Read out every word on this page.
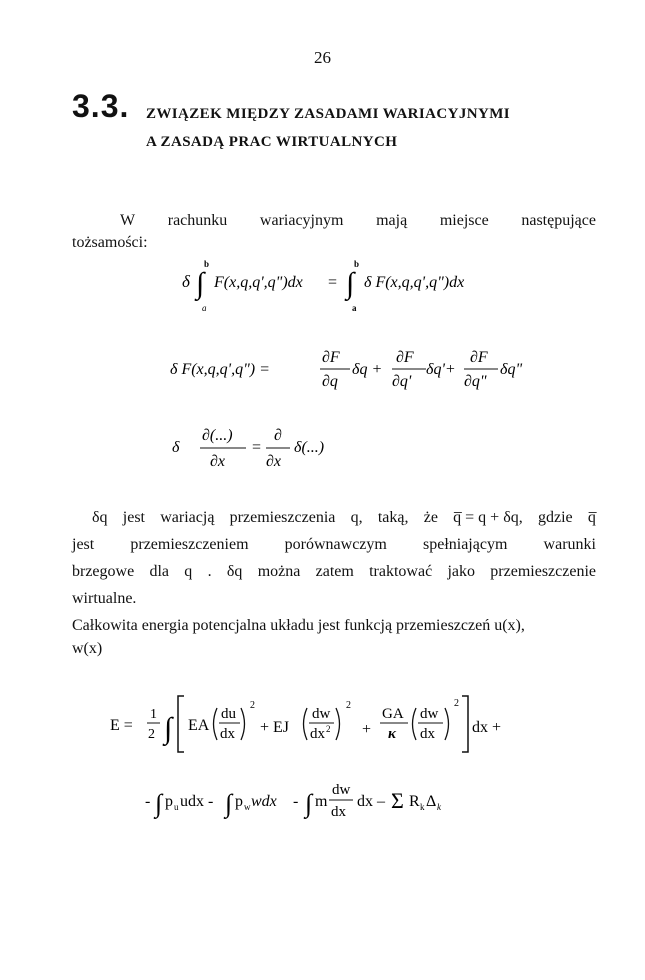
26
3.3. ZWIĄZEK MIĘDZY ZASADAMI WARIACYJNYMI
A ZASADĄ PRAC WIRTUALNYCH
W rachunku wariacyjnym mają miejsce następujące
tożsamości:
δ ∫
b
a
F(x,q,q',q")dx = ∫
b
a
δ F(x,q,q',q")dx
δ F(x,q,q',q") =
∂F
∂q
δq +
∂F
∂q'
δq'+
∂F
∂q"
δq"
δ
∂(...)
∂x
=
∂
∂x
δ(...)
δq jest wariacją przemieszczenia q, taką, że q̅ = q + δq, gdzie q̅
jest przemieszczeniem porównawczym spełniającym warunki
brzegowe dla q . δq można zatem traktować jako przemieszczenie
wirtualne.
Całkowita energia potencjalna układu jest funkcją przemieszczeń u(x),
w(x)
E =
1
2 ∫ EA
du
dx
2
+ EJ
dw
dx 2
2
+
GA
κ
dw
dx
2
dx +
- ∫ p u udx - ∫ p w wdx - ∫ m
dw
dx
dx – Σ R k Δ k
